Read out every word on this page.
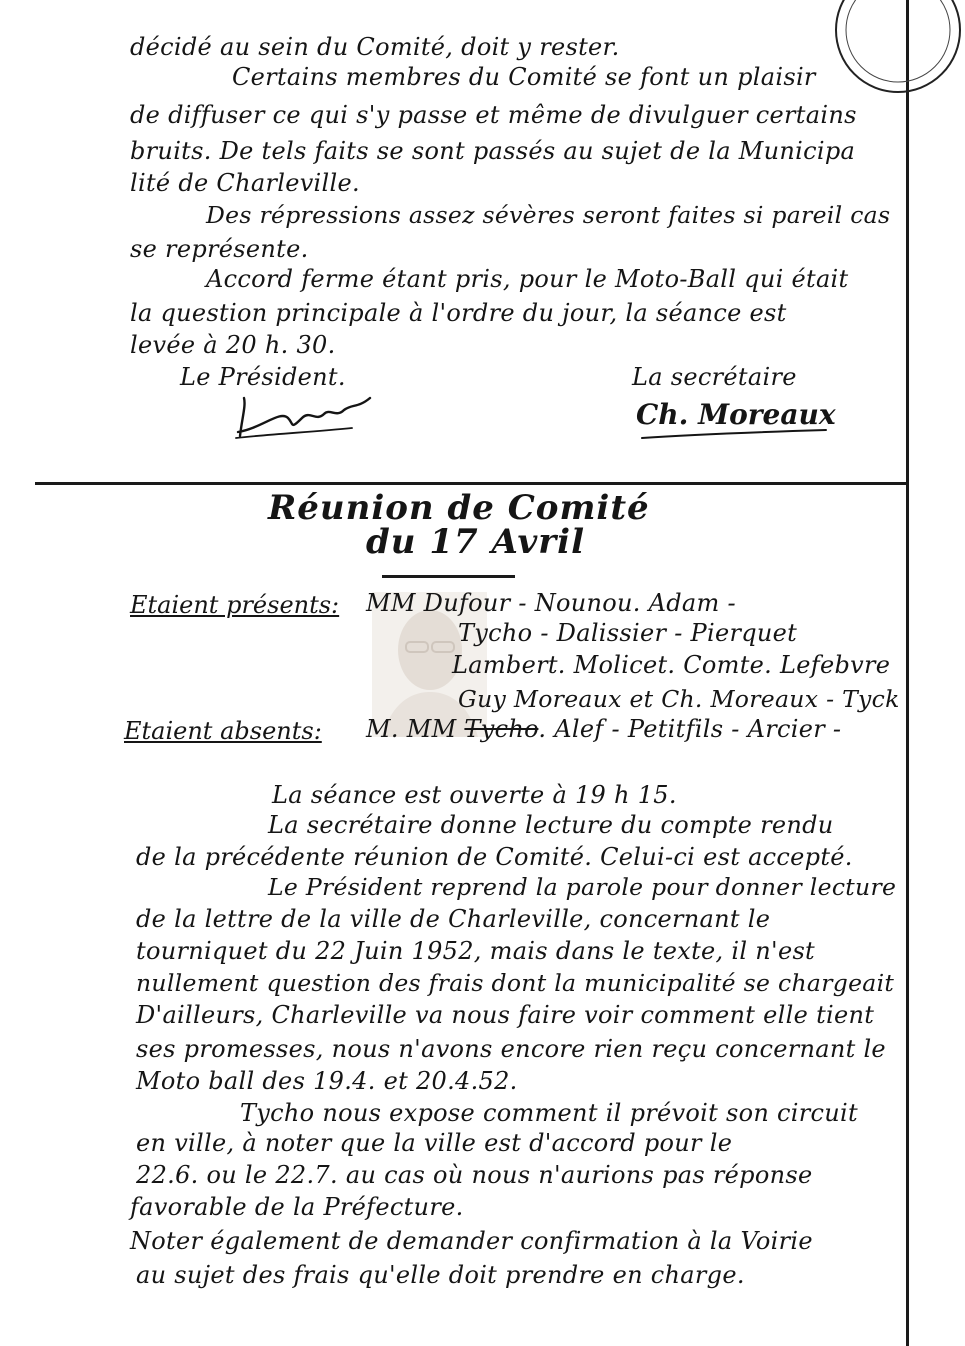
décidé au sein du Comité, doit y rester.
Certains membres du Comité se font un plaisir
de diffuser ce qui s'y passe et même de divulguer certains
bruits. De tels faits se sont passés au sujet de la Municipa
lité de Charleville.
Des répressions assez sévères seront faites si pareil cas
se représente.
Accord ferme étant pris, pour le Moto-Ball qui était
la question principale à l'ordre du jour, la séance est
levée à 20 h. 30.
Le Président.	La secrétaire
Ch. Moreaux
Réunion de Comité
du 17 Avril
Etaient présents: MM Dufour - Nounou. Adam -
Tycho - Dalissier - Pierquet
Lambert. Molicet. Comte. Lefebvre
Guy Moreaux et Ch. Moreaux - Tyck
Etaient absents: M. MM Tycho. Alef - Petitfils - Arcier -
La séance est ouverte à 19 h 15.
La secrétaire donne lecture du compte rendu
de la précédente réunion de Comité. Celui-ci est accepté.
Le Président reprend la parole pour donner lecture
de la lettre de la ville de Charleville, concernant le
tourniquet du 22 Juin 1952, mais dans le texte, il n'est
nullement question des frais dont la municipalité se chargeait
D'ailleurs, Charleville va nous faire voir comment elle tient
ses promesses, nous n'avons encore rien reçu concernant le
Moto ball des 19.4. et 20.4.52.
Tycho nous expose comment il prévoit son circuit
en ville, à noter que la ville est d'accord pour le
22.6. ou le 22.7. au cas où nous n'aurions pas réponse
favorable de la Préfecture.
Noter également de demander confirmation à la Voirie
au sujet des frais qu'elle doit prendre en charge.
